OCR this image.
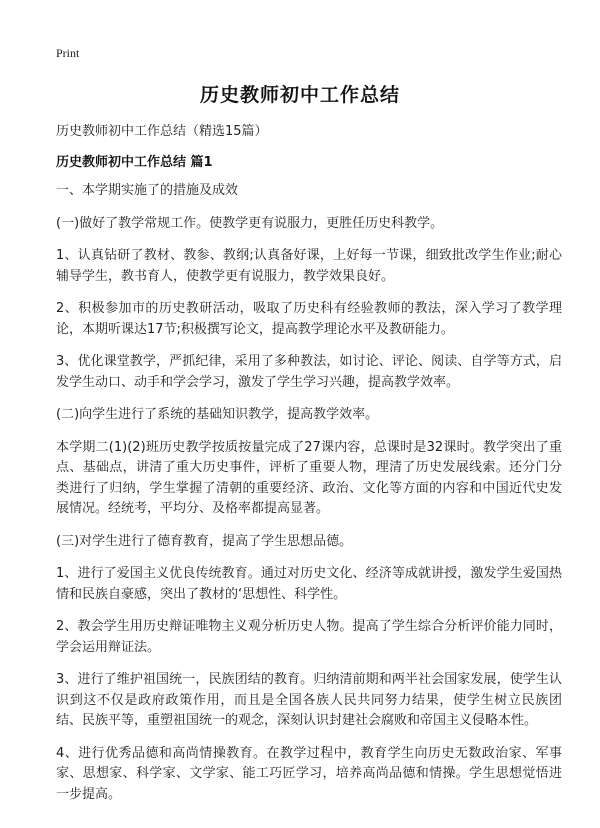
Print
历史教师初中工作总结
历史教师初中工作总结（精选15篇）
历史教师初中工作总结 篇1

一、本学期实施了的措施及成效

(一)做好了教学常规工作。使教学更有说服力，更胜任历史科教学。

1、认真钻研了教材、教参、教纲;认真备好课，上好每一节课，细致批改学生作业;耐心辅导学生，教书育人，使教学更有说服力，教学效果良好。

2、积极参加市的历史教研活动，吸取了历史科有经验教师的教法，深入学习了教学理论，本期听课达17节;积极撰写论文，提高教学理论水平及教研能力。

3、优化课堂教学，严抓纪律，采用了多种教法，如讨论、评论、阅读、自学等方式，启发学生动口、动手和学会学习，激发了学生学习兴趣，提高教学效率。

(二)向学生进行了系统的基础知识教学，提高教学效率。

本学期二(1)(2)班历史教学按质按量完成了27课内容，总课时是32课时。教学突出了重点、基础点，讲清了重大历史事件，评析了重要人物，理清了历史发展线索。还分门分类进行了归纳，学生掌握了清朝的重要经济、政治、文化等方面的内容和中国近代史发展情况。经统考，平均分、及格率都提高显著。

(三)对学生进行了德育教育，提高了学生思想品德。

1、进行了爱国主义优良传统教育。通过对历史文化、经济等成就讲授，激发学生爱国热情和民族自豪感，突出了教材的‘思想性、科学性。

2、教会学生用历史辩证唯物主义观分析历史人物。提高了学生综合分析评价能力同时，学会运用辩证法。

3、进行了维护祖国统一，民族团结的教育。归纳清前期和两半社会国家发展，使学生认识到这不仅是政府政策作用，而且是全国各族人民共同努力结果，使学生树立民族团结、民族平等，重塑祖国统一的观念，深刻认识封建社会腐败和帝国主义侵略本性。

4、进行优秀品德和高尚情操教育。在教学过程中，教育学生向历史无数政治家、军事家、思想家、科学家、文学家、能工巧匠学习，培养高尚品德和情操。学生思想觉悟进一步提高。
